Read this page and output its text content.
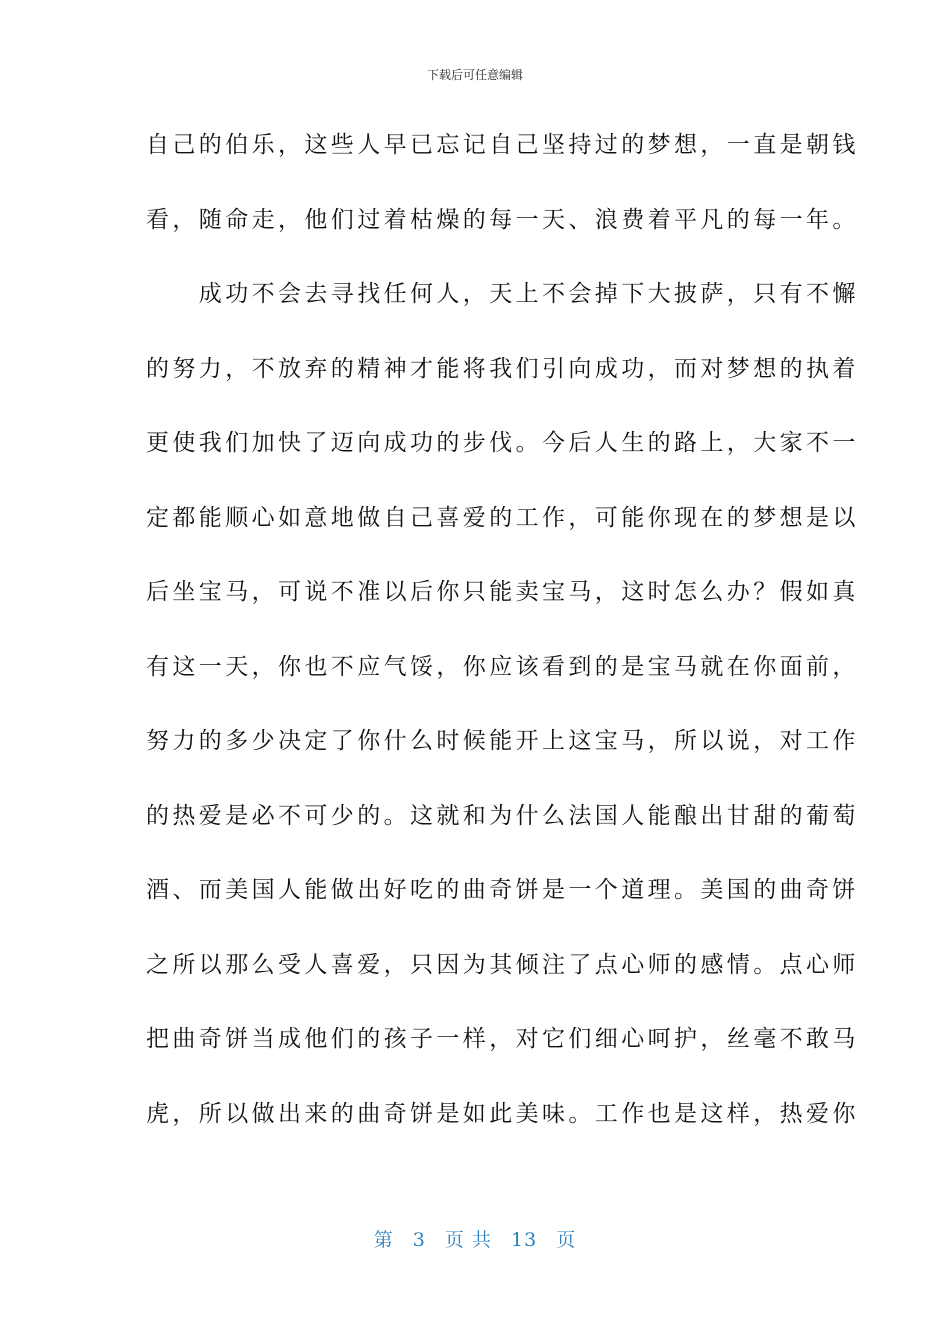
下载后可任意编辑
自己的伯乐，这些人早已忘记自己坚持过的梦想，一直是朝钱
看，随命走，他们过着枯燥的每一天、浪费着平凡的每一年。
　　成功不会去寻找任何人，天上不会掉下大披萨，只有不懈
的努力，不放弃的精神才能将我们引向成功，而对梦想的执着
更使我们加快了迈向成功的步伐。今后人生的路上，大家不一
定都能顺心如意地做自己喜爱的工作，可能你现在的梦想是以
后坐宝马，可说不准以后你只能卖宝马，这时怎么办？假如真
有这一天，你也不应气馁，你应该看到的是宝马就在你面前，
努力的多少决定了你什么时候能开上这宝马，所以说，对工作
的热爱是必不可少的。这就和为什么法国人能酿出甘甜的葡萄
酒、而美国人能做出好吃的曲奇饼是一个道理。美国的曲奇饼
之所以那么受人喜爱，只因为其倾注了点心师的感情。点心师
把曲奇饼当成他们的孩子一样，对它们细心呵护，丝毫不敢马
虎，所以做出来的曲奇饼是如此美味。工作也是这样，热爱你
第 3 页 共 13 页
